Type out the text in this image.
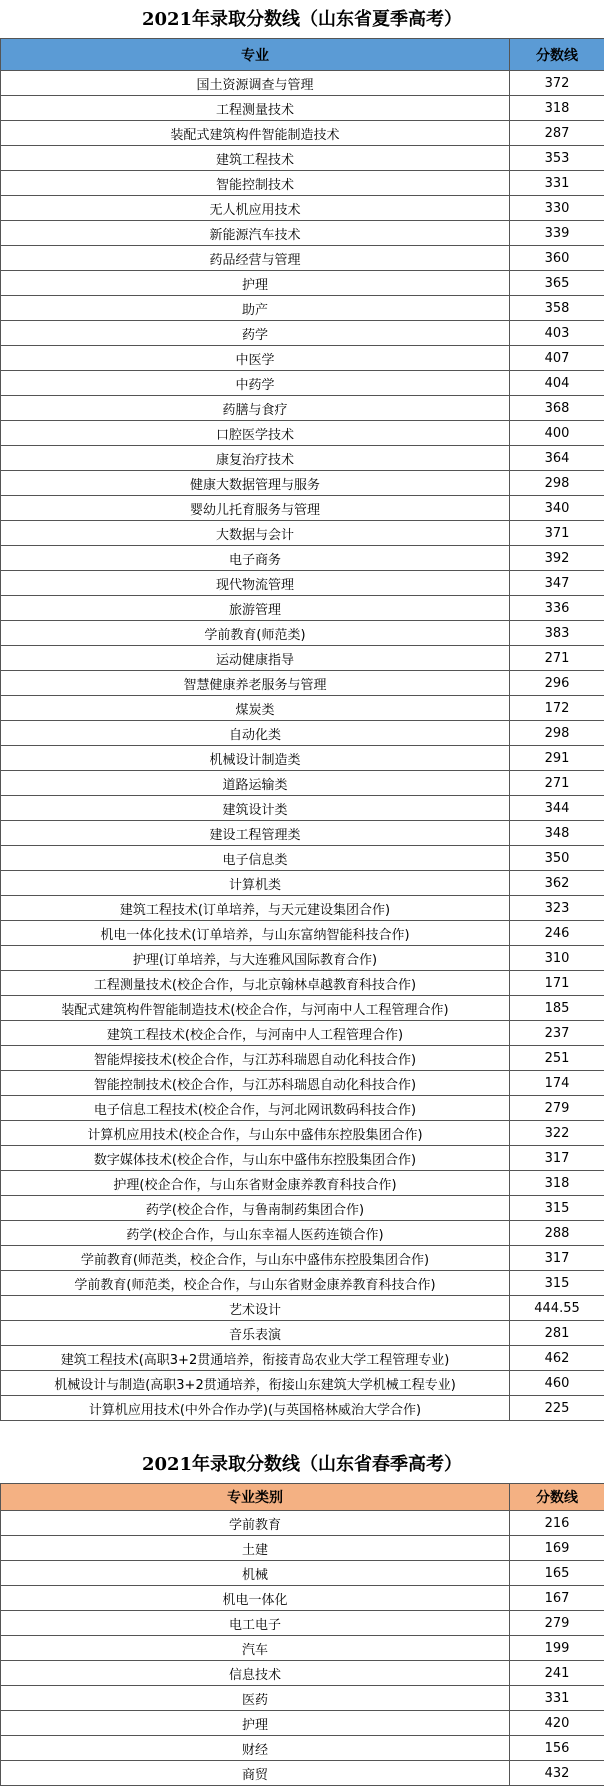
2021年录取分数线（山东省夏季高考）
专业	分数线
国土资源调查与管理	372
工程测量技术	318
装配式建筑构件智能制造技术	287
建筑工程技术	353
智能控制技术	331
无人机应用技术	330
新能源汽车技术	339
药品经营与管理	360
护理	365
助产	358
药学	403
中医学	407
中药学	404
药膳与食疗	368
口腔医学技术	400
康复治疗技术	364
健康大数据管理与服务	298
婴幼儿托育服务与管理	340
大数据与会计	371
电子商务	392
现代物流管理	347
旅游管理	336
学前教育(师范类)	383
运动健康指导	271
智慧健康养老服务与管理	296
煤炭类	172
自动化类	298
机械设计制造类	291
道路运输类	271
建筑设计类	344
建设工程管理类	348
电子信息类	350
计算机类	362
建筑工程技术(订单培养，与天元建设集团合作)	323
机电一体化技术(订单培养，与山东富纳智能科技合作)	246
护理(订单培养，与大连雅风国际教育合作)	310
工程测量技术(校企合作，与北京翰林卓越教育科技合作)	171
装配式建筑构件智能制造技术(校企合作，与河南中人工程管理合作)	185
建筑工程技术(校企合作，与河南中人工程管理合作)	237
智能焊接技术(校企合作，与江苏科瑞恩自动化科技合作)	251
智能控制技术(校企合作，与江苏科瑞恩自动化科技合作)	174
电子信息工程技术(校企合作，与河北网讯数码科技合作)	279
计算机应用技术(校企合作，与山东中盛伟东控股集团合作)	322
数字媒体技术(校企合作，与山东中盛伟东控股集团合作)	317
护理(校企合作，与山东省财金康养教育科技合作)	318
药学(校企合作，与鲁南制药集团合作)	315
药学(校企合作，与山东幸福人医药连锁合作)	288
学前教育(师范类，校企合作，与山东中盛伟东控股集团合作)	317
学前教育(师范类，校企合作，与山东省财金康养教育科技合作)	315
艺术设计	444.55
音乐表演	281
建筑工程技术(高职3+2贯通培养，衔接青岛农业大学工程管理专业)	462
机械设计与制造(高职3+2贯通培养，衔接山东建筑大学机械工程专业)	460
计算机应用技术(中外合作办学)(与英国格林威治大学合作)	225
2021年录取分数线（山东省春季高考）
专业类别	分数线
学前教育	216
土建	169
机械	165
机电一体化	167
电工电子	279
汽车	199
信息技术	241
医药	331
护理	420
财经	156
商贸	432
